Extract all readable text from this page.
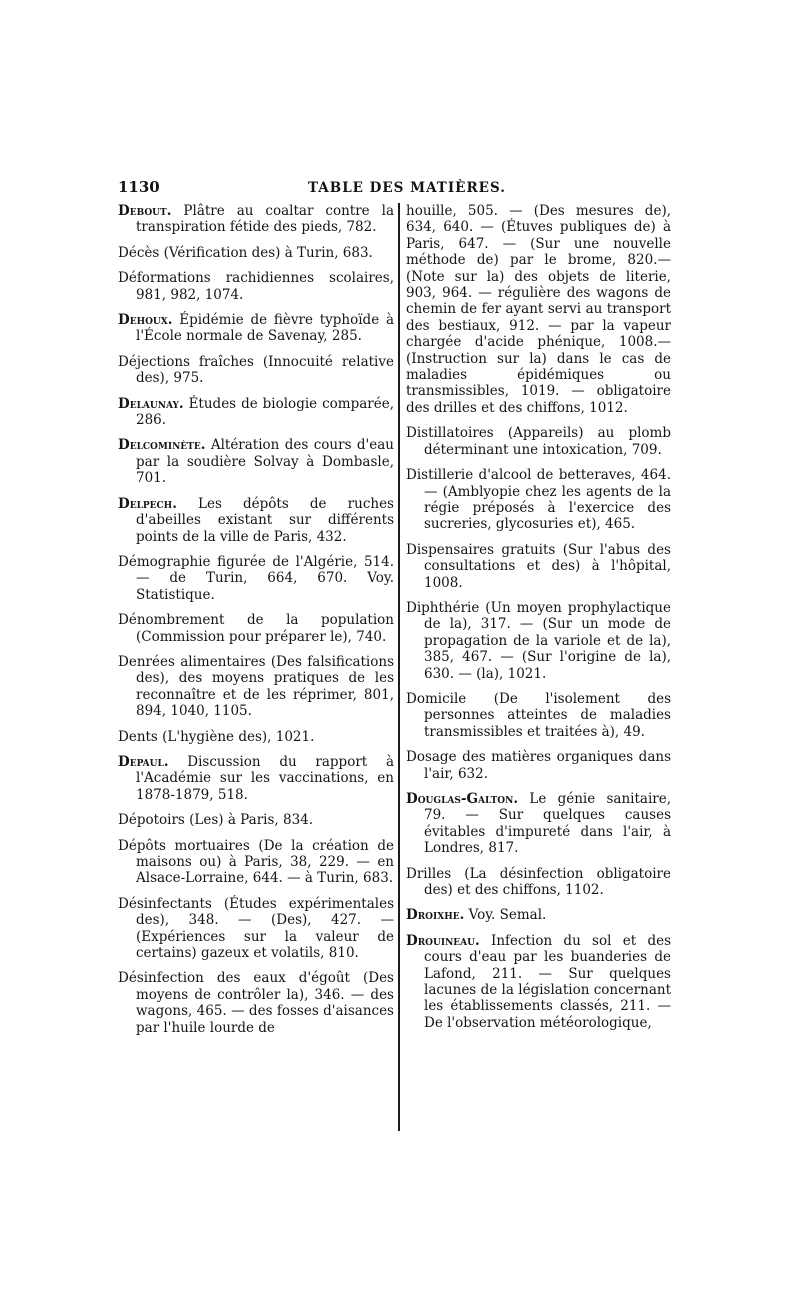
1130	TABLE DES MATIÈRES.

Debout. Plâtre au coaltar contre la transpiration fétide des pieds, 782.

Décès (Vérification des) à Turin, 683.

Déformations rachidiennes scolaires, 981, 982, 1074.

Dehoux. Épidémie de fièvre typhoïde à l'École normale de Savenay, 285.

Déjections fraîches (Innocuité relative des), 975.

Delaunay. Études de biologie comparée, 286.

Delcominète. Altération des cours d'eau par la soudière Solvay à Dombasle, 701.

Delpech. Les dépôts de ruches d'abeilles existant sur différents points de la ville de Paris, 432.

Démographie figurée de l'Algérie, 514. — de Turin, 664, 670. Voy. Statistique.

Dénombrement de la population (Commission pour préparer le), 740.

Denrées alimentaires (Des falsifications des), des moyens pratiques de les reconnaître et de les réprimer, 801, 894, 1040, 1105.

Dents (L'hygiène des), 1021.

Depaul. Discussion du rapport à l'Académie sur les vaccinations, en 1878-1879, 518.

Dépotoirs (Les) à Paris, 834.

Dépôts mortuaires (De la création de maisons ou) à Paris, 38, 229. — en Alsace-Lorraine, 644. — à Turin, 683.

Désinfectants (Études expérimentales des), 348. — (Des), 427. — (Expériences sur la valeur de certains) gazeux et volatils, 810.

Désinfection des eaux d'égoût (Des moyens de contrôler la), 346. — des wagons, 465. — des fosses d'aisances par l'huile lourde de

houille, 505. — (Des mesures de), 634, 640. — (Étuves publiques de) à Paris, 647. — (Sur une nouvelle méthode de) par le brome, 820.— (Note sur la) des objets de literie, 903, 964. — régulière des wagons de chemin de fer ayant servi au transport des bestiaux, 912. — par la vapeur chargée d'acide phénique, 1008.— (Instruction sur la) dans le cas de maladies épidémiques ou transmissibles, 1019. — obligatoire des drilles et des chiffons, 1012.

Distillatoires (Appareils) au plomb déterminant une intoxication, 709.

Distillerie d'alcool de betteraves, 464. — (Amblyopie chez les agents de la régie préposés à l'exercice des sucreries, glycosuries et), 465.

Dispensaires gratuits (Sur l'abus des consultations et des) à l'hôpital, 1008.

Diphthérie (Un moyen prophylactique de la), 317. — (Sur un mode de propagation de la variole et de la), 385, 467. — (Sur l'origine de la), 630. — (la), 1021.

Domicile (De l'isolement des personnes atteintes de maladies transmissibles et traitées à), 49.

Dosage des matières organiques dans l'air, 632.

Douglas-Galton. Le génie sanitaire, 79. — Sur quelques causes évitables d'impureté dans l'air, à Londres, 817.

Drilles (La désinfection obligatoire des) et des chiffons, 1102.

Droixhe. Voy. Semal.

Drouineau. Infection du sol et des cours d'eau par les buanderies de Lafond, 211. — Sur quelques lacunes de la législation concernant les établissements classés, 211. — De l'observation météorologique,
